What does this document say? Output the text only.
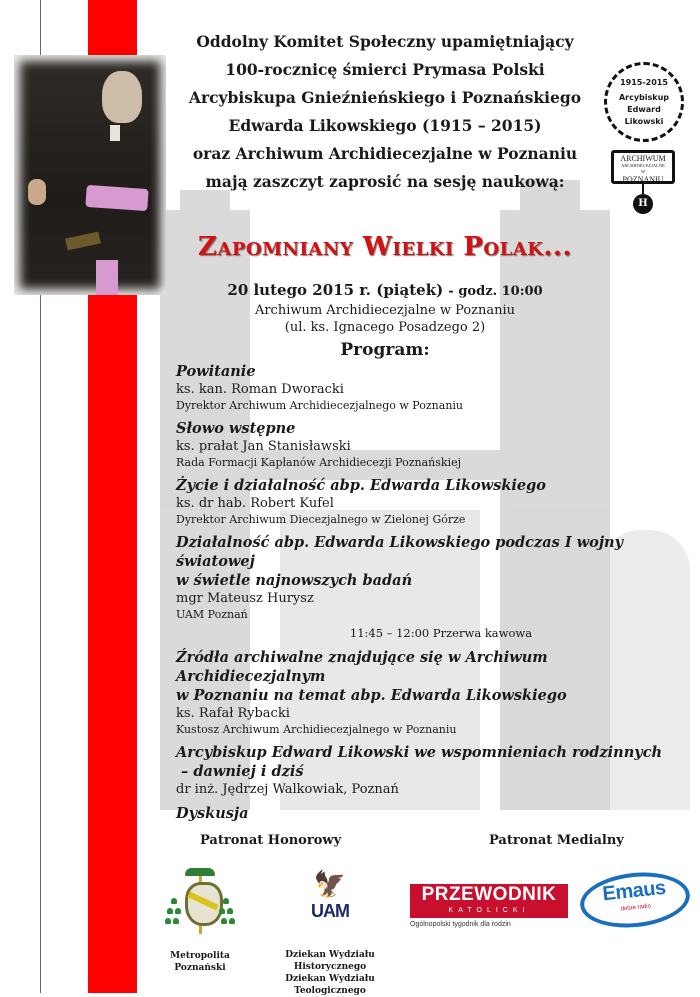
Oddolny Komitet Społeczny upamiętniający

100-rocznicę śmierci Prymasa Polski

Arcybiskupa Gnieźnieńskiego i Poznańskiego

Edwarda Likowskiego (1915 – 2015)

oraz Archiwum Archidiecezjalne w Poznaniu

mają zaszczyt zaprosić na sesję naukową:

1915-2015
Arcybiskup
Edward
Likowski
ARCHIWUM
ARCHIDIECEZJALNE
W
POZNANIU
H
Zapomniany Wielki Polak...
20 lutego 2015 r. (piątek) - godz. 10:00
Archiwum Archidiecezjalne w Poznaniu
(ul. ks. Ignacego Posadzego 2)
Program:
Powitanie
ks. kan. Roman Dworacki
Dyrektor Archiwum Archidiecezjalnego w Poznaniu
Słowo wstępne
ks. prałat Jan Stanisławski
Rada Formacji Kapłanów Archidiecezji Poznańskiej
Życie i działalność abp. Edwarda Likowskiego
ks. dr hab. Robert Kufel
Dyrektor Archiwum Diecezjalnego w Zielonej Górze
Działalność abp. Edwarda Likowskiego podczas I wojny światowej
w świetle najnowszych badań
mgr Mateusz Hurysz
UAM Poznań
11:45 – 12:00 Przerwa kawowa
Źródła archiwalne znajdujące się w Archiwum Archidiecezjalnym
w Poznaniu na temat abp. Edwarda Likowskiego
ks. Rafał Rybacki
Kustosz Archiwum Archidiecezjalnego w Poznaniu
Arcybiskup Edward Likowski we wspomnieniach rodzinnych
– dawniej i dziś
dr inż. Jędrzej Walkowiak, Poznań
Dyskusja
Patronat Honorowy	Patronat Medialny
Metropolita Poznański
🦅
UAM
Dziekan Wydziału Historycznego
Dziekan Wydziału Teologicznego
PRZEWODNIK
KATOLICKI
Ogólnopolski tygodnik dla rodzin
Emaus
dobre radio
